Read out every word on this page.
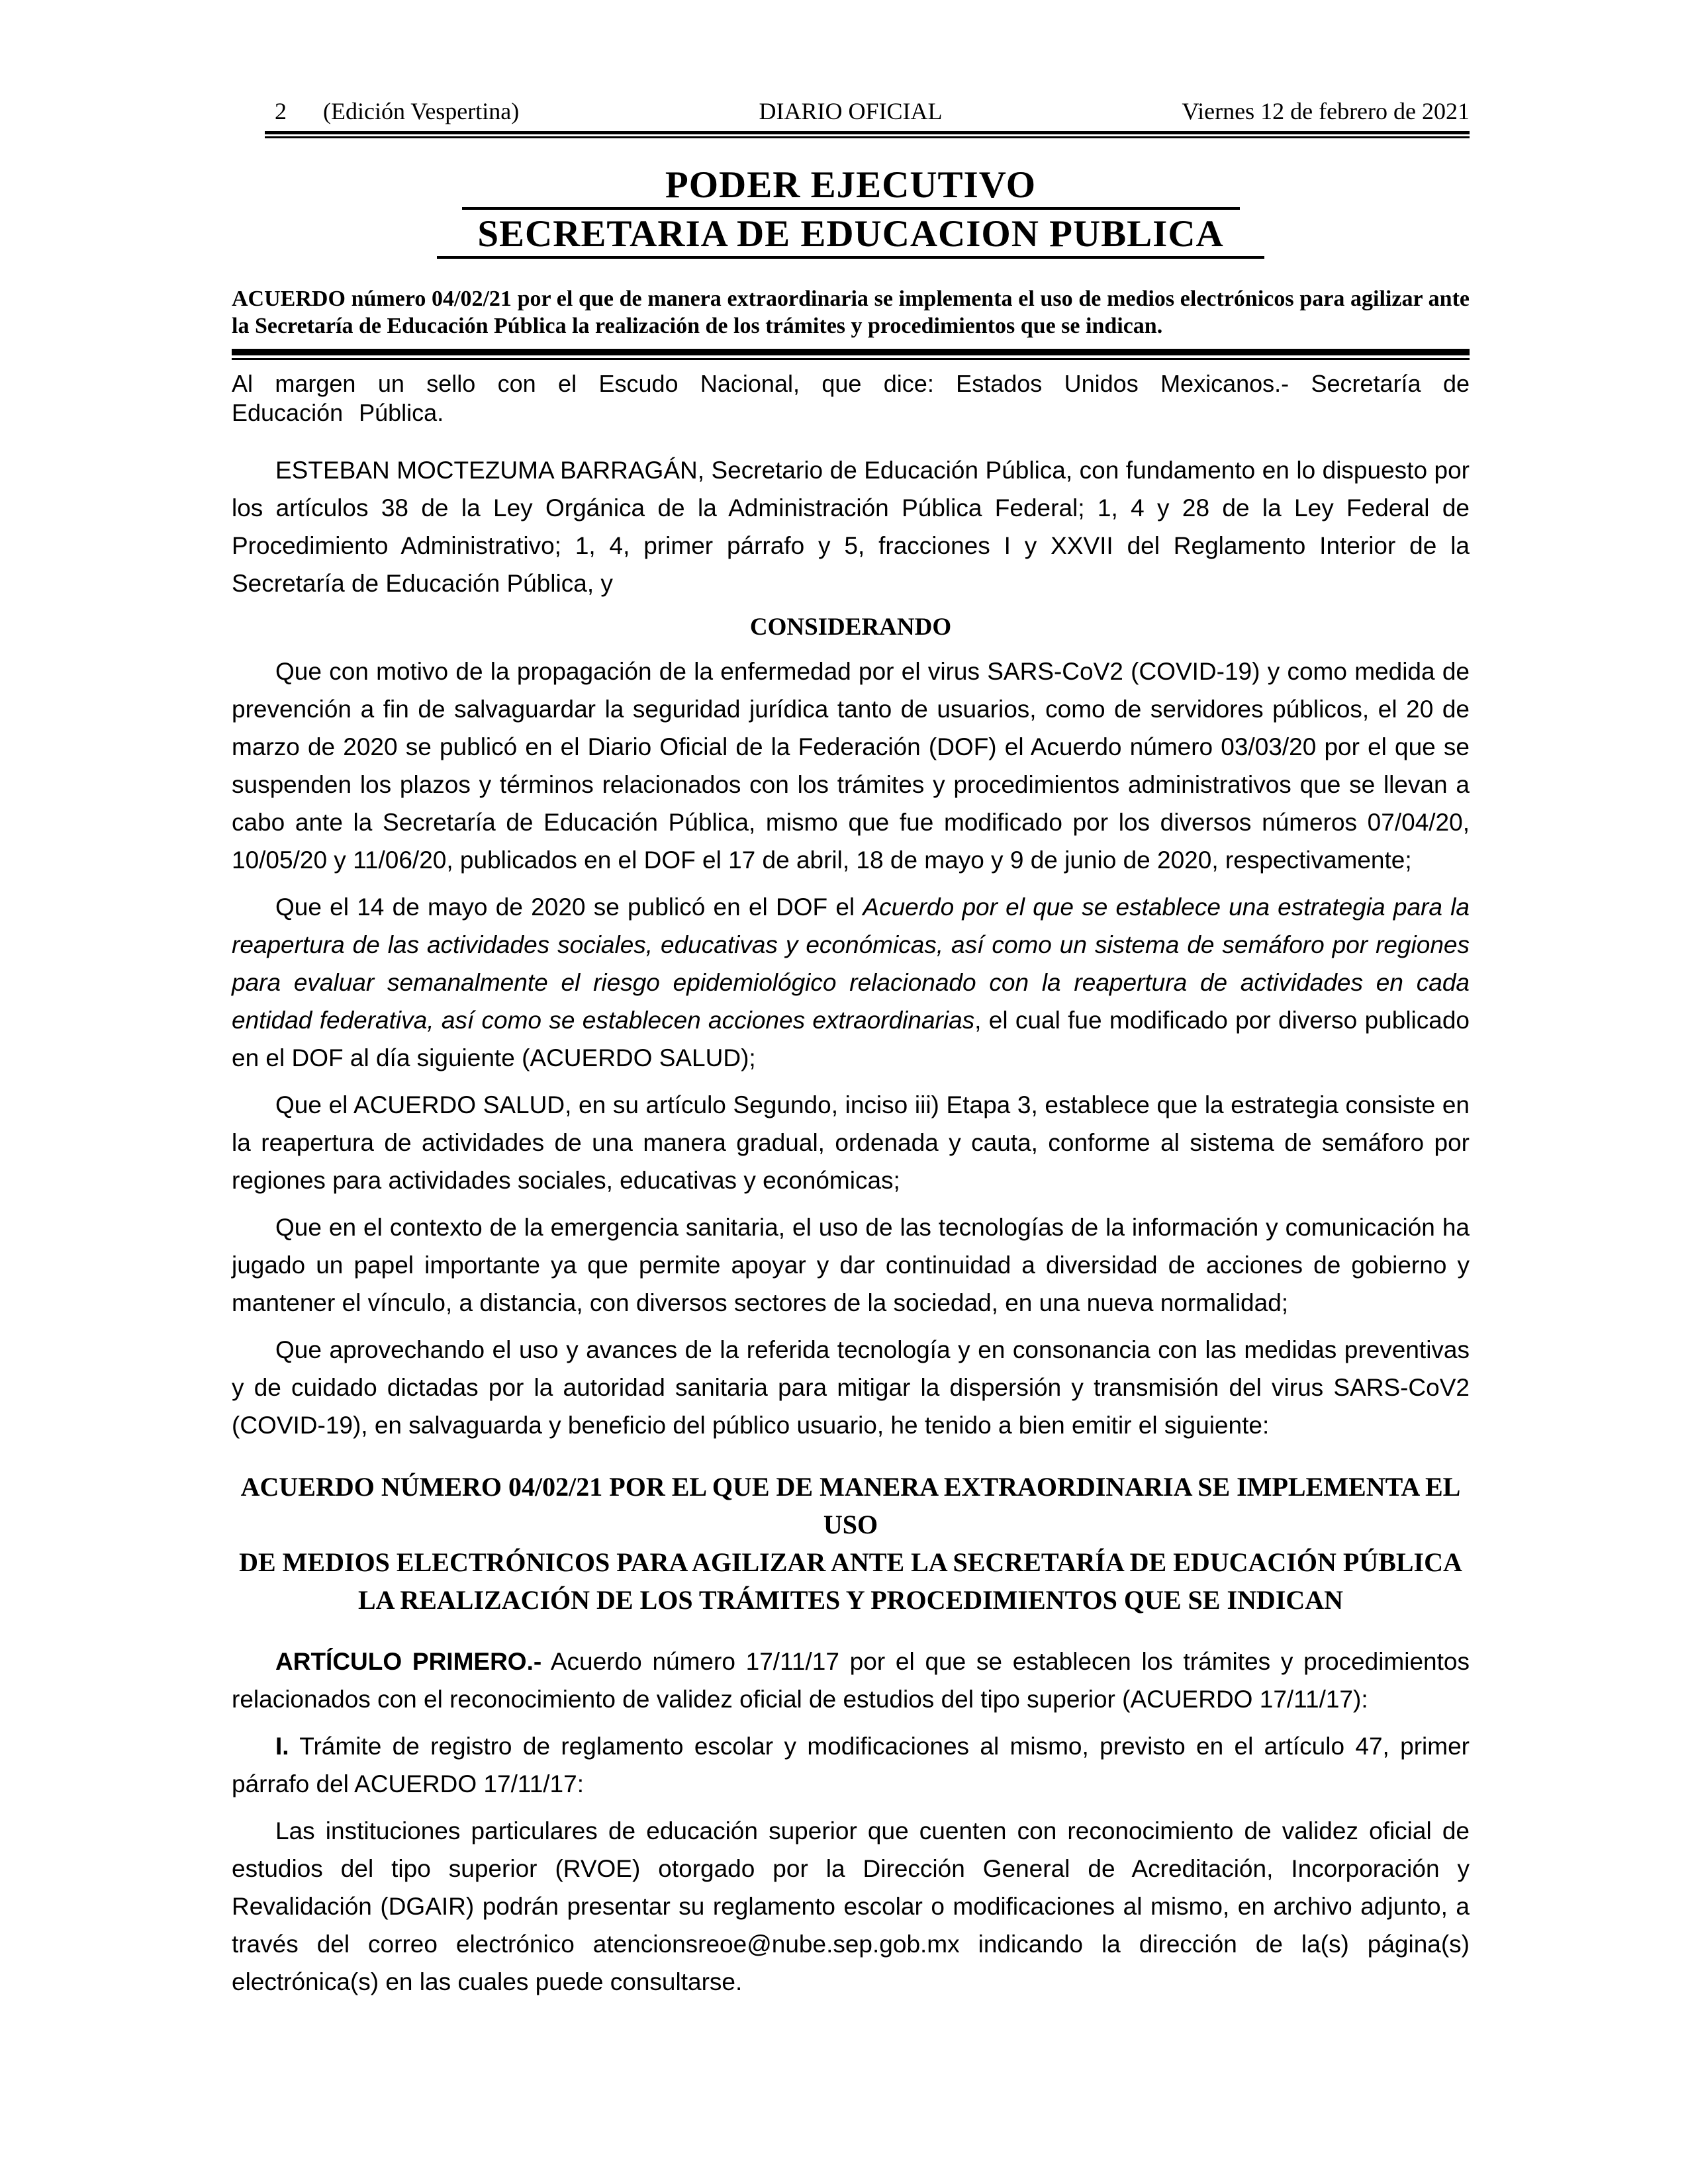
2 (Edición Vespertina)	DIARIO OFICIAL	Viernes 12 de febrero de 2021
PODER EJECUTIVO
SECRETARIA DE EDUCACION PUBLICA

ACUERDO número 04/02/21 por el que de manera extraordinaria se implementa el uso de medios electrónicos para agilizar ante la Secretaría de Educación Pública la realización de los trámites y procedimientos que se indican.

Al margen un sello con el Escudo Nacional, que dice: Estados Unidos Mexicanos.- Secretaría de Educación Pública.

ESTEBAN MOCTEZUMA BARRAGÁN, Secretario de Educación Pública, con fundamento en lo dispuesto por los artículos 38 de la Ley Orgánica de la Administración Pública Federal; 1, 4 y 28 de la Ley Federal de Procedimiento Administrativo; 1, 4, primer párrafo y 5, fracciones I y XXVII del Reglamento Interior de la Secretaría de Educación Pública, y

CONSIDERANDO

Que con motivo de la propagación de la enfermedad por el virus SARS-CoV2 (COVID-19) y como medida de prevención a fin de salvaguardar la seguridad jurídica tanto de usuarios, como de servidores públicos, el 20 de marzo de 2020 se publicó en el Diario Oficial de la Federación (DOF) el Acuerdo número 03/03/20 por el que se suspenden los plazos y términos relacionados con los trámites y procedimientos administrativos que se llevan a cabo ante la Secretaría de Educación Pública, mismo que fue modificado por los diversos números 07/04/20, 10/05/20 y 11/06/20, publicados en el DOF el 17 de abril, 18 de mayo y 9 de junio de 2020, respectivamente;

Que el 14 de mayo de 2020 se publicó en el DOF el Acuerdo por el que se establece una estrategia para la reapertura de las actividades sociales, educativas y económicas, así como un sistema de semáforo por regiones para evaluar semanalmente el riesgo epidemiológico relacionado con la reapertura de actividades en cada entidad federativa, así como se establecen acciones extraordinarias, el cual fue modificado por diverso publicado en el DOF al día siguiente (ACUERDO SALUD);

Que el ACUERDO SALUD, en su artículo Segundo, inciso iii) Etapa 3, establece que la estrategia consiste en la reapertura de actividades de una manera gradual, ordenada y cauta, conforme al sistema de semáforo por regiones para actividades sociales, educativas y económicas;

Que en el contexto de la emergencia sanitaria, el uso de las tecnologías de la información y comunicación ha jugado un papel importante ya que permite apoyar y dar continuidad a diversidad de acciones de gobierno y mantener el vínculo, a distancia, con diversos sectores de la sociedad, en una nueva normalidad;

Que aprovechando el uso y avances de la referida tecnología y en consonancia con las medidas preventivas y de cuidado dictadas por la autoridad sanitaria para mitigar la dispersión y transmisión del virus SARS-CoV2 (COVID-19), en salvaguarda y beneficio del público usuario, he tenido a bien emitir el siguiente:

ACUERDO NÚMERO 04/02/21 POR EL QUE DE MANERA EXTRAORDINARIA SE IMPLEMENTA EL USO
DE MEDIOS ELECTRÓNICOS PARA AGILIZAR ANTE LA SECRETARÍA DE EDUCACIÓN PÚBLICA
LA REALIZACIÓN DE LOS TRÁMITES Y PROCEDIMIENTOS QUE SE INDICAN

ARTÍCULO PRIMERO.- Acuerdo número 17/11/17 por el que se establecen los trámites y procedimientos relacionados con el reconocimiento de validez oficial de estudios del tipo superior (ACUERDO 17/11/17):

I. Trámite de registro de reglamento escolar y modificaciones al mismo, previsto en el artículo 47, primer párrafo del ACUERDO 17/11/17:

Las instituciones particulares de educación superior que cuenten con reconocimiento de validez oficial de estudios del tipo superior (RVOE) otorgado por la Dirección General de Acreditación, Incorporación y Revalidación (DGAIR) podrán presentar su reglamento escolar o modificaciones al mismo, en archivo adjunto, a través del correo electrónico atencionsreoe@nube.sep.gob.mx indicando la dirección de la(s) página(s) electrónica(s) en las cuales puede consultarse.
